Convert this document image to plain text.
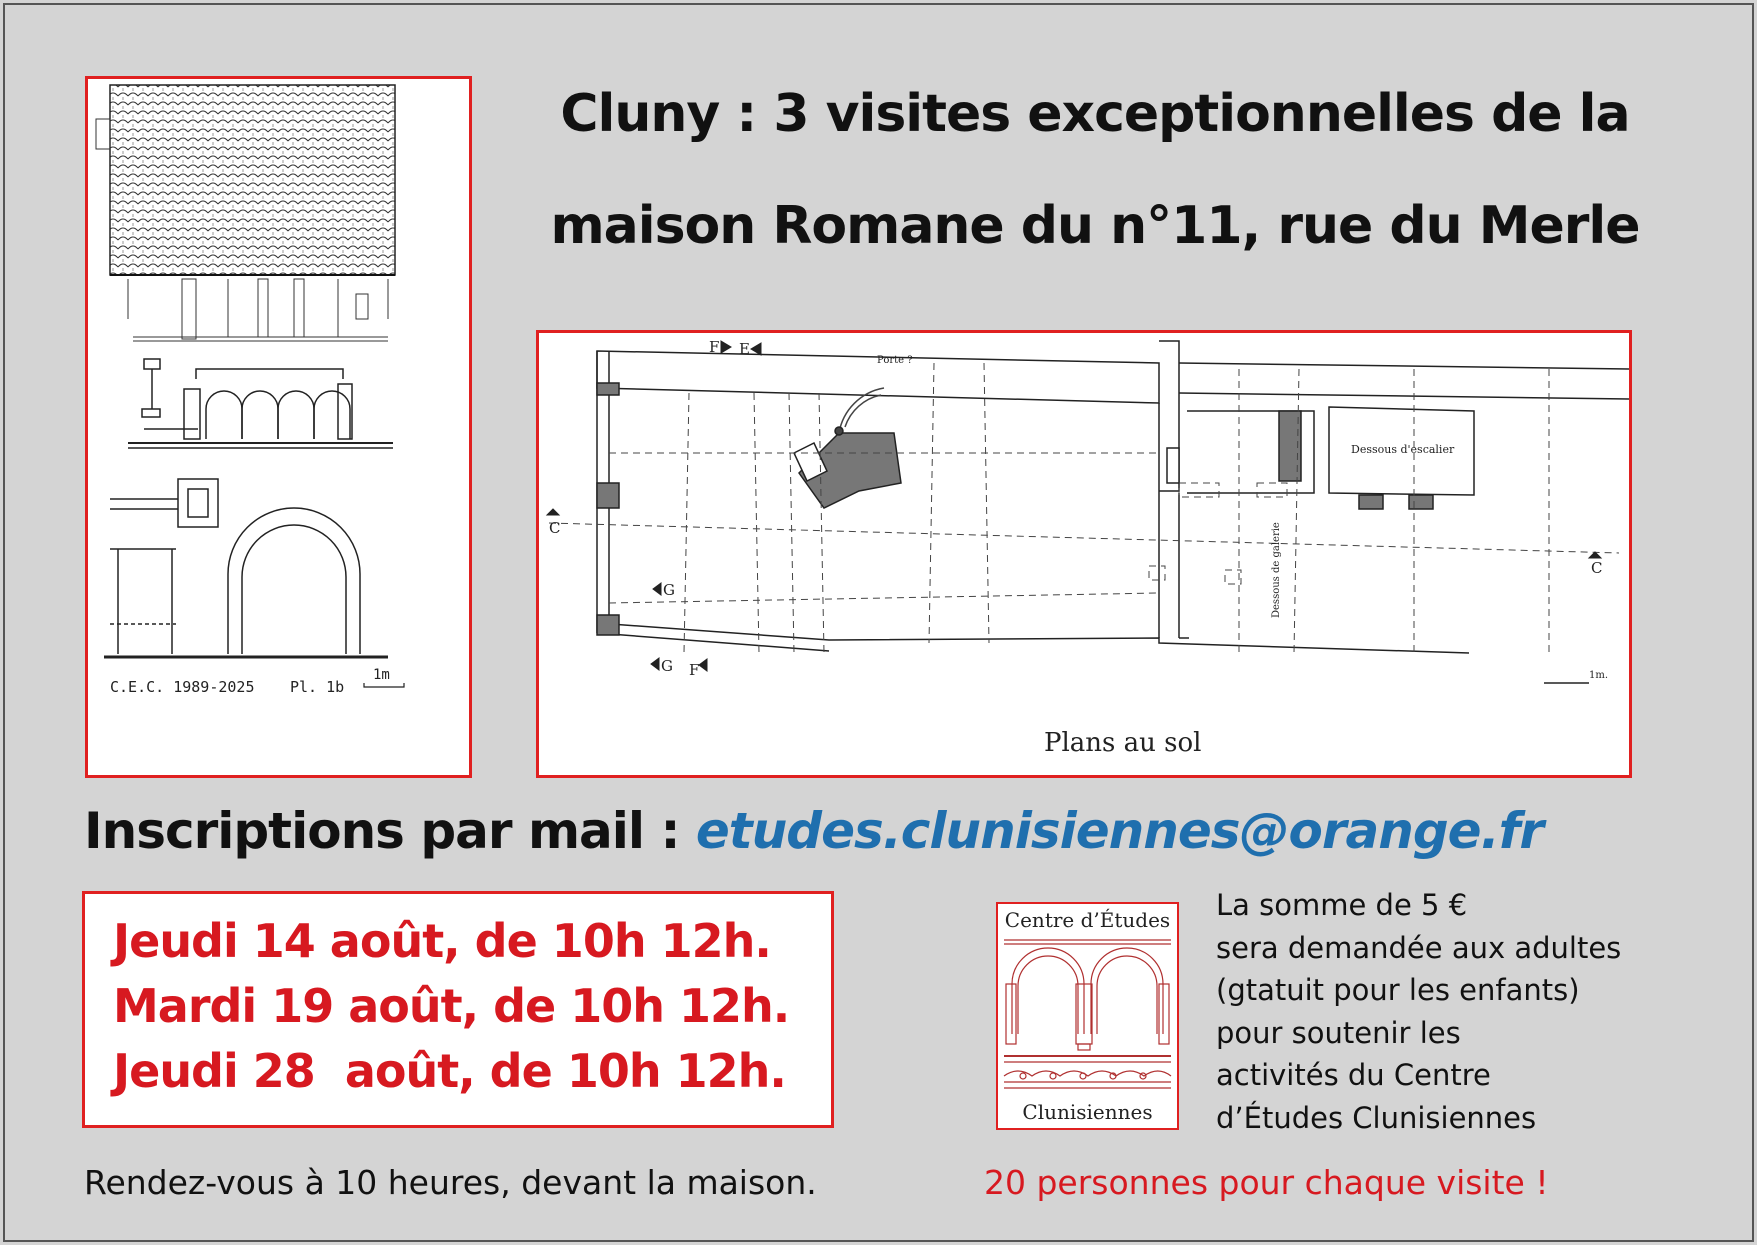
C.E.C. 1989-2025 Pl. 1b
1m
Cluny : 3 visites exceptionnelles de la
maison Romane du n°11, rue du Merle
F E
G
G F
C
C
Porte ?
Dessous d'escalier
Dessous de galerie
1m.
Plans au sol
Inscriptions par mail : etudes.clunisiennes@orange.fr
Jeudi 14 août, de 10h 12h.
Mardi 19 août, de 10h 12h.
Jeudi 28  août, de 10h 12h.
Centre d’Études
Clunisiennes
La somme de 5 €
sera demandée aux adultes
(gtatuit pour les enfants)
pour soutenir les
activités du Centre
d’Études Clunisiennes
Rendez-vous à 10 heures, devant la maison.	20 personnes pour chaque visite !
